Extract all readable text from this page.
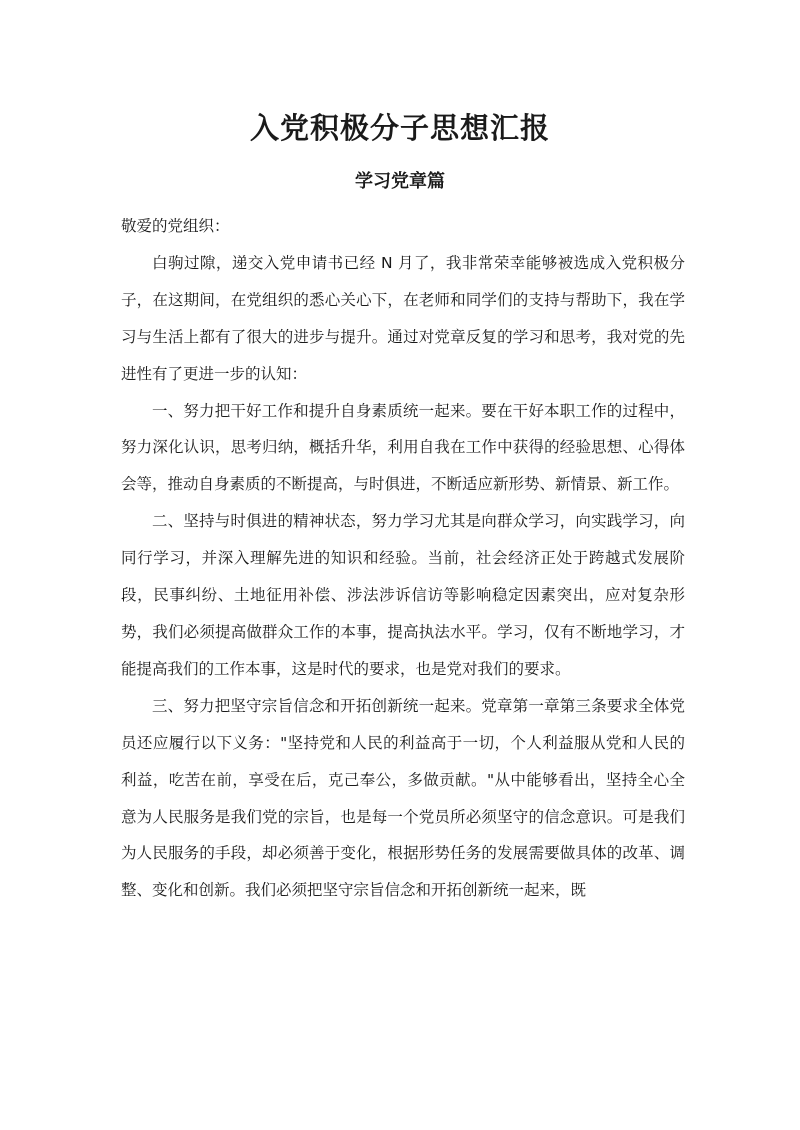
入党积极分子思想汇报
学习党章篇

敬爱的党组织：

白驹过隙，递交入党申请书已经 N 月了，我非常荣幸能够被选成入党积极分子，在这期间，在党组织的悉心关心下，在老师和同学们的支持与帮助下，我在学习与生活上都有了很大的进步与提升。通过对党章反复的学习和思考，我对党的先进性有了更进一步的认知：

一、努力把干好工作和提升自身素质统一起来。要在干好本职工作的过程中，努力深化认识，思考归纳，概括升华，利用自我在工作中获得的经验思想、心得体会等，推动自身素质的不断提高，与时俱进，不断适应新形势、新情景、新工作。

二、坚持与时俱进的精神状态，努力学习尤其是向群众学习，向实践学习，向同行学习，并深入理解先进的知识和经验。当前，社会经济正处于跨越式发展阶段，民事纠纷、土地征用补偿、涉法涉诉信访等影响稳定因素突出，应对复杂形势，我们必须提高做群众工作的本事，提高执法水平。学习，仅有不断地学习，才能提高我们的工作本事，这是时代的要求，也是党对我们的要求。

三、努力把坚守宗旨信念和开拓创新统一起来。党章第一章第三条要求全体党员还应履行以下义务："坚持党和人民的利益高于一切，个人利益服从党和人民的利益，吃苦在前，享受在后，克己奉公，多做贡献。"从中能够看出，坚持全心全意为人民服务是我们党的宗旨，也是每一个党员所必须坚守的信念意识。可是我们为人民服务的手段，却必须善于变化，根据形势任务的发展需要做具体的改革、调整、变化和创新。我们必须把坚守宗旨信念和开拓创新统一起来，既
